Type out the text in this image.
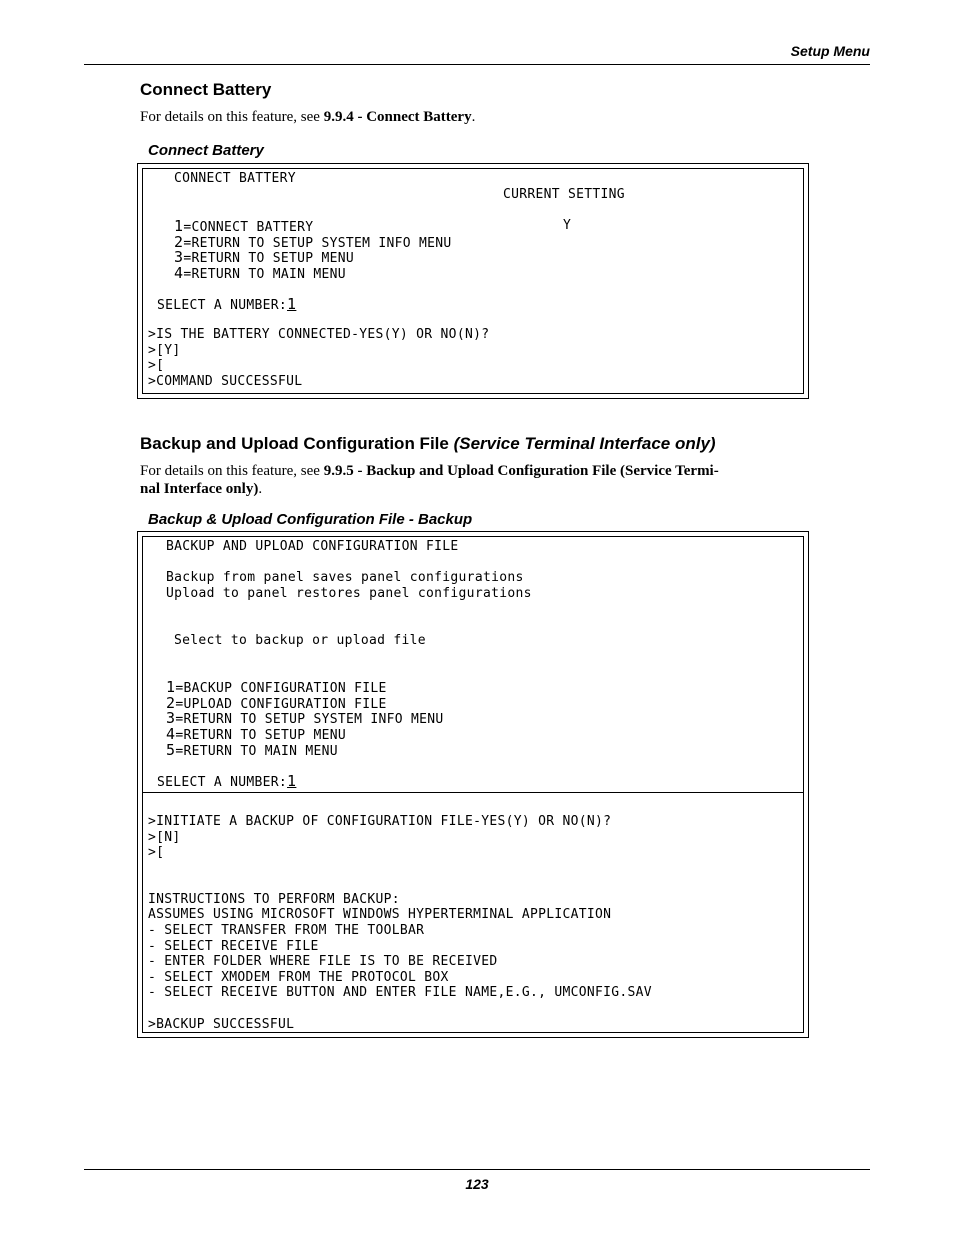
Setup Menu
Connect Battery

For details on this feature, see 9.9.4 - Connect Battery.

Connect Battery

CONNECT BATTERY
CURRENT SETTING
1=CONNECT BATTERY	Y
2=RETURN TO SETUP SYSTEM INFO MENU
3=RETURN TO SETUP MENU
4=RETURN TO MAIN MENU
SELECT A NUMBER:1
>IS THE BATTERY CONNECTED-YES(Y) OR NO(N)?
>[Y]
>[
>COMMAND SUCCESSFUL
Backup and Upload Configuration File (Service Terminal Interface only)

For details on this feature, see 9.9.5 - Backup and Upload Configuration File (Service Termi-
nal Interface only).

Backup & Upload Configuration File - Backup

BACKUP AND UPLOAD CONFIGURATION FILE
Backup from panel saves panel configurations
Upload to panel restores panel configurations
Select to backup or upload file
1=BACKUP CONFIGURATION FILE
2=UPLOAD CONFIGURATION FILE
3=RETURN TO SETUP SYSTEM INFO MENU
4=RETURN TO SETUP MENU
5=RETURN TO MAIN MENU
SELECT A NUMBER:1
>INITIATE A BACKUP OF CONFIGURATION FILE-YES(Y) OR NO(N)?
>[N]
>[
INSTRUCTIONS TO PERFORM BACKUP:
ASSUMES USING MICROSOFT WINDOWS HYPERTERMINAL APPLICATION
- SELECT TRANSFER FROM THE TOOLBAR
- SELECT RECEIVE FILE
- ENTER FOLDER WHERE FILE IS TO BE RECEIVED
- SELECT XMODEM FROM THE PROTOCOL BOX
- SELECT RECEIVE BUTTON AND ENTER FILE NAME,E.G., UMCONFIG.SAV
>BACKUP SUCCESSFUL
123
